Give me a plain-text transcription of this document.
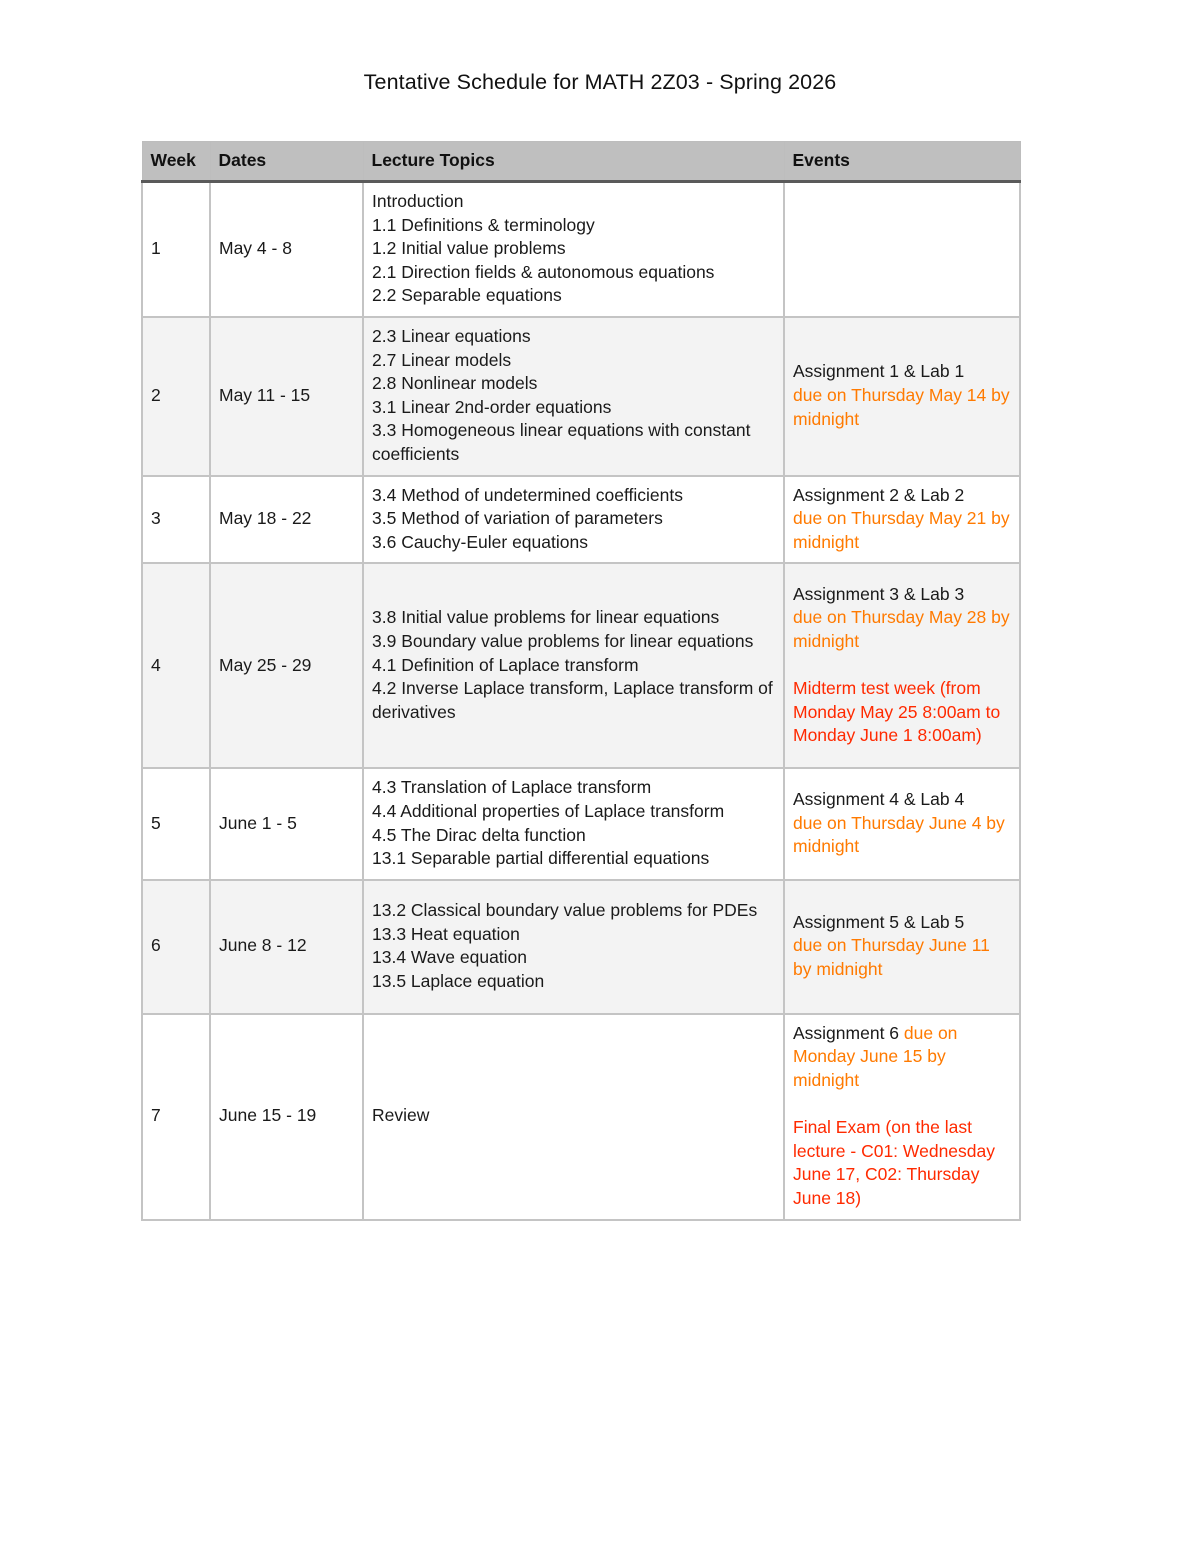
Tentative Schedule for MATH 2Z03 - Spring 2026
Week	Dates	Lecture Topics	Events
1	May 4 - 8	Introduction
1.1 Definitions & terminology
1.2 Initial value problems
2.1 Direction fields & autonomous equations
2.2 Separable equations	

2	May 11 - 15	2.3 Linear equations
2.7 Linear models
2.8 Nonlinear models
3.1 Linear 2nd-order equations
3.3 Homogeneous linear equations with constant coefficients	Assignment 1 & Lab 1
due on Thursday May 14 by midnight

3	May 18 - 22	3.4 Method of undetermined coefficients
3.5 Method of variation of parameters
3.6 Cauchy-Euler equations	Assignment 2 & Lab 2
due on Thursday May 21 by midnight

4	May 25 - 29	3.8 Initial value problems for linear equations
3.9 Boundary value problems for linear equations
4.1 Definition of Laplace transform
4.2 Inverse Laplace transform, Laplace transform of derivatives	Assignment 3 & Lab 3
due on Thursday May 28 by midnight
Midterm test week (from Monday May 25 8:00am to Monday June 1 8:00am)

5	June 1 - 5	4.3 Translation of Laplace transform
4.4 Additional properties of Laplace transform
4.5 The Dirac delta function
13.1 Separable partial differential equations	Assignment 4 & Lab 4
due on Thursday June 4 by midnight

6	June 8 - 12	13.2 Classical boundary value problems for PDEs
13.3 Heat equation
13.4 Wave equation
13.5 Laplace equation	Assignment 5 & Lab 5
due on Thursday June 11 by midnight

7	June 15 - 19	Review	Assignment 6 due on Monday June 15 by midnight
Final Exam (on the last lecture - C01: Wednesday June 17, C02: Thursday June 18)
